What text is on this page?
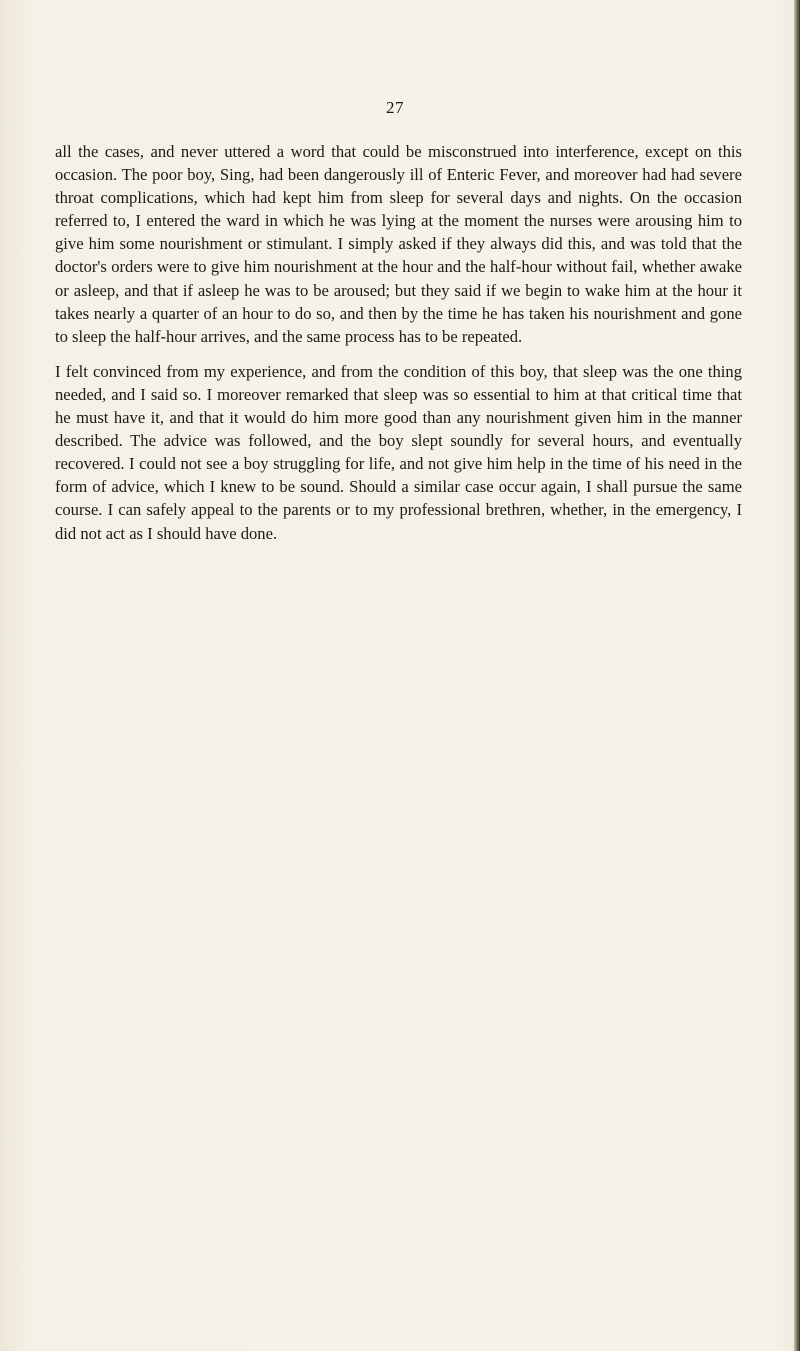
27

all the cases, and never uttered a word that could be misconstrued into interference, except on this occasion. The poor boy, Sing, had been dangerously ill of Enteric Fever, and moreover had had severe throat complications, which had kept him from sleep for several days and nights. On the occasion referred to, I entered the ward in which he was lying at the moment the nurses were arousing him to give him some nourishment or stimulant. I simply asked if they always did this, and was told that the doctor's orders were to give him nourishment at the hour and the half-hour without fail, whether awake or asleep, and that if asleep he was to be aroused; but they said if we begin to wake him at the hour it takes nearly a quarter of an hour to do so, and then by the time he has taken his nourishment and gone to sleep the half-hour arrives, and the same process has to be repeated.

I felt convinced from my experience, and from the condition of this boy, that sleep was the one thing needed, and I said so. I moreover remarked that sleep was so essential to him at that critical time that he must have it, and that it would do him more good than any nourishment given him in the manner described. The advice was followed, and the boy slept soundly for several hours, and eventually recovered. I could not see a boy struggling for life, and not give him help in the time of his need in the form of advice, which I knew to be sound. Should a similar case occur again, I shall pursue the same course. I can safely appeal to the parents or to my professional brethren, whether, in the emergency, I did not act as I should have done.
